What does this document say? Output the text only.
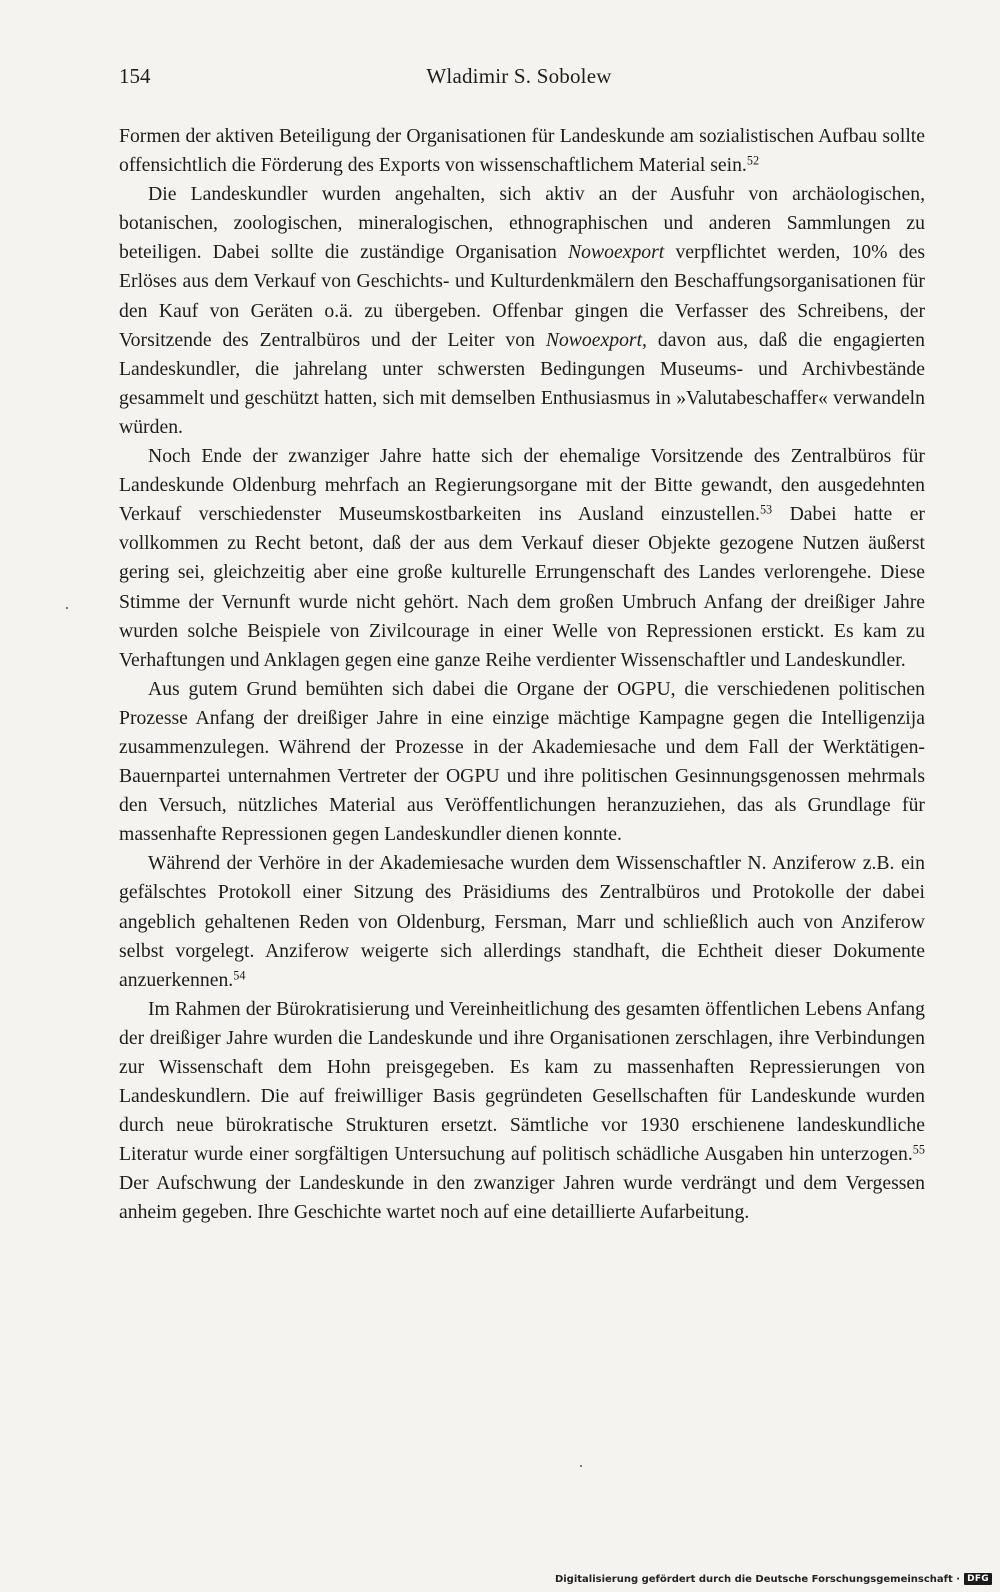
154	Wladimir S. Sobolew

Formen der aktiven Beteiligung der Organisationen für Landeskunde am sozialistischen Aufbau sollte offensichtlich die Förderung des Exports von wissenschaftlichem Material sein.$^{52}$

Die Landeskundler wurden angehalten, sich aktiv an der Ausfuhr von archäologischen, botanischen, zoologischen, mineralogischen, ethnographischen und anderen Sammlungen zu beteiligen. Dabei sollte die zuständige Organisation Nowoexport verpflichtet werden, 10% des Erlöses aus dem Verkauf von Geschichts- und Kulturdenkmälern den Beschaffungsorganisationen für den Kauf von Geräten o.ä. zu übergeben. Offenbar gingen die Verfasser des Schreibens, der Vorsitzende des Zentralbüros und der Leiter von Nowoexport, davon aus, daß die engagierten Landeskundler, die jahrelang unter schwersten Bedingungen Museums- und Archivbestände gesammelt und geschützt hatten, sich mit demselben Enthusiasmus in »Valutabeschaffer« verwandeln würden.

Noch Ende der zwanziger Jahre hatte sich der ehemalige Vorsitzende des Zentralbüros für Landeskunde Oldenburg mehrfach an Regierungsorgane mit der Bitte gewandt, den ausgedehnten Verkauf verschiedenster Museumskostbarkeiten ins Ausland einzustellen.$^{53}$ Dabei hatte er vollkommen zu Recht betont, daß der aus dem Verkauf dieser Objekte gezogene Nutzen äußerst gering sei, gleichzeitig aber eine große kulturelle Errungenschaft des Landes verlorengehe. Diese Stimme der Vernunft wurde nicht gehört. Nach dem großen Umbruch Anfang der dreißiger Jahre wurden solche Beispiele von Zivilcourage in einer Welle von Repressionen erstickt. Es kam zu Verhaftungen und Anklagen gegen eine ganze Reihe verdienter Wissenschaftler und Landeskundler.

Aus gutem Grund bemühten sich dabei die Organe der OGPU, die verschiedenen politischen Prozesse Anfang der dreißiger Jahre in eine einzige mächtige Kampagne gegen die Intelligenzija zusammenzulegen. Während der Prozesse in der Akademiesache und dem Fall der Werktätigen-Bauernpartei unternahmen Vertreter der OGPU und ihre politischen Gesinnungsgenossen mehrmals den Versuch, nützliches Material aus Veröffentlichungen heranzuziehen, das als Grundlage für massenhafte Repressionen gegen Landeskundler dienen konnte.

Während der Verhöre in der Akademiesache wurden dem Wissenschaftler N. Anziferow z.B. ein gefälschtes Protokoll einer Sitzung des Präsidiums des Zentralbüros und Protokolle der dabei angeblich gehaltenen Reden von Oldenburg, Fersman, Marr und schließlich auch von Anziferow selbst vorgelegt. Anziferow weigerte sich allerdings standhaft, die Echtheit dieser Dokumente anzuerkennen.$^{54}$

Im Rahmen der Bürokratisierung und Vereinheitlichung des gesamten öffentlichen Lebens Anfang der dreißiger Jahre wurden die Landeskunde und ihre Organisationen zerschlagen, ihre Verbindungen zur Wissenschaft dem Hohn preisgegeben. Es kam zu massenhaften Repressierungen von Landeskundlern. Die auf freiwilliger Basis gegründeten Gesellschaften für Landeskunde wurden durch neue bürokratische Strukturen ersetzt. Sämtliche vor 1930 erschienene landeskundliche Literatur wurde einer sorgfältigen Untersuchung auf politisch schädliche Ausgaben hin unterzogen.$^{55}$ Der Aufschwung der Landeskunde in den zwanziger Jahren wurde verdrängt und dem Vergessen anheim gegeben. Ihre Geschichte wartet noch auf eine detaillierte Aufarbeitung.

Digitalisierung gefördert durch die Deutsche Forschungsgemeinschaft · DFG
